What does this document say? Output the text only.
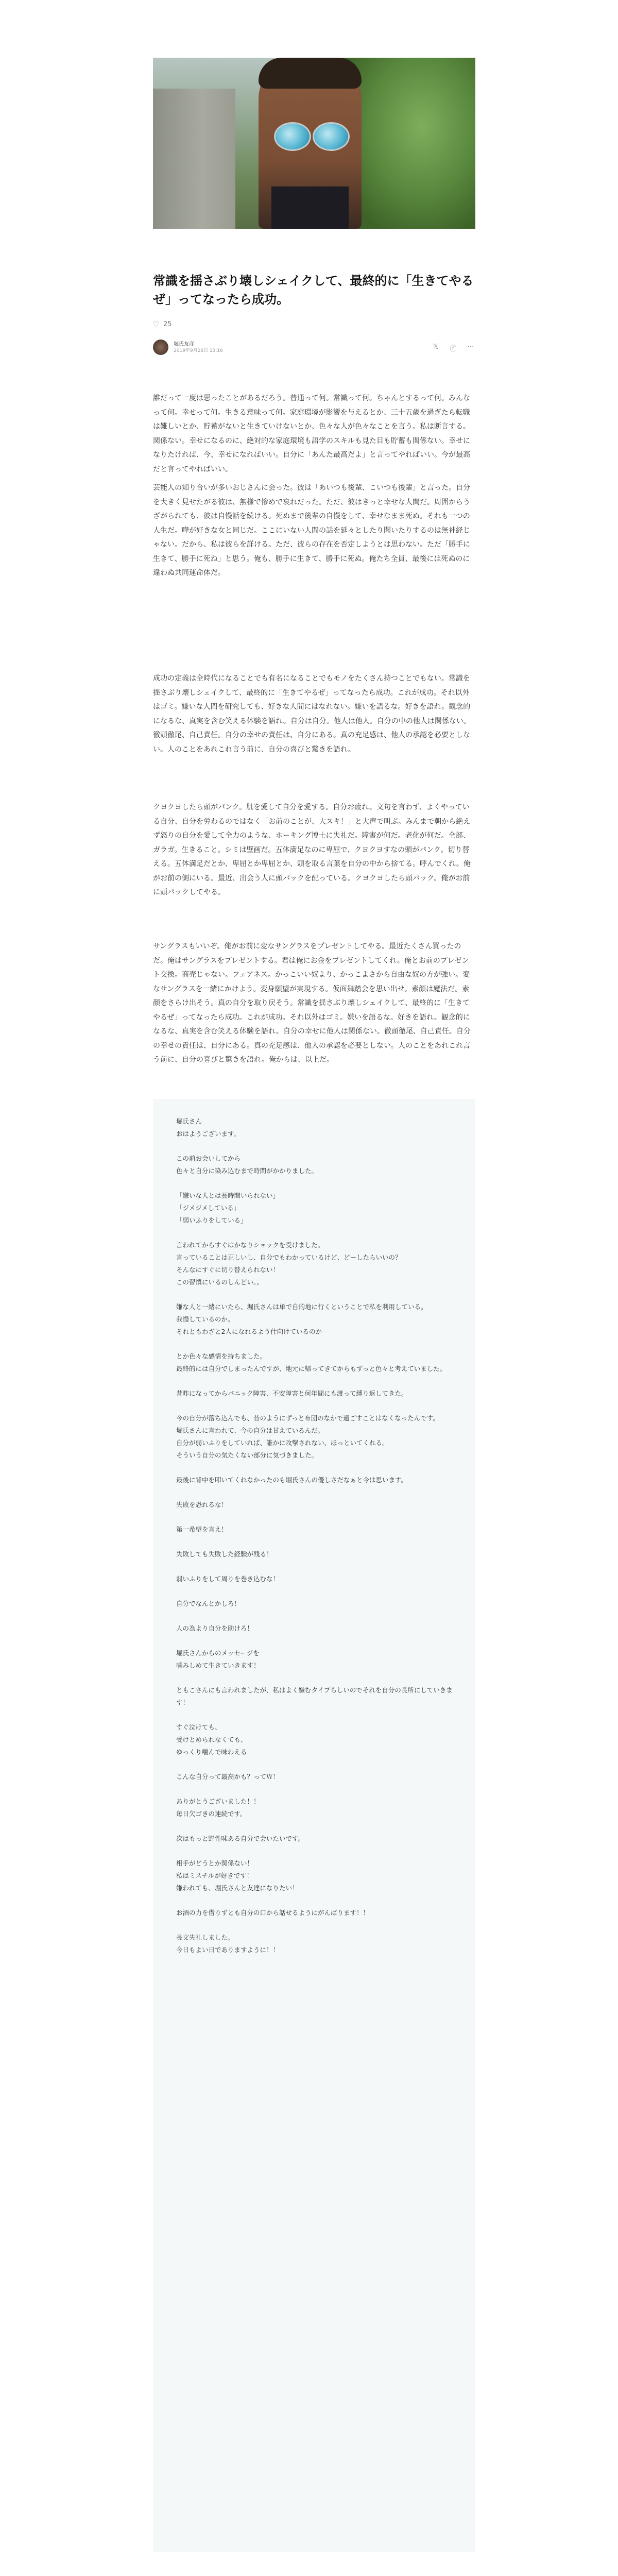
常識を揺さぶり壊しシェイクして、最終的に「生きてやるぜ」ってなったら成功。
♡ 25
堀氏友彦
2019年9月26日 13:16	𝕏 ⓕ ⋯

誰だって一度は思ったことがあるだろう。普通って何。常識って何。ちゃんとするって何。みんなって何。幸せって何。生きる意味って何。家庭環境が影響を与えるとか、三十五歳を過ぎたら転職は難しいとか、貯蓄がないと生きていけないとか、色々な人が色々なことを言う。私は断言する。関係ない。幸せになるのに、絶対的な家庭環境も語学のスキルも見た目も貯蓄も関係ない。幸せになりたければ、今、幸せになればいい。自分に「あんた最高だよ」と言ってやればいい。今が最高だと言ってやればいい。

芸能人の知り合いが多いおじさんに会った。彼は「あいつも後輩、こいつも後輩」と言った。自分を大きく見せたがる彼は、無様で惨めで哀れだった。ただ、彼はきっと幸せな人間だ。周囲からうざがられても、彼は自慢話を続ける。死ぬまで後輩の自慢をして、幸せなまま死ぬ。それも一つの人生だ。嘩が好きな女と同じだ。ここにいない人間の話を延々としたり聞いたりするのは無神経じゃない。だから、私は彼らを詳ける。ただ、彼らの存在を否定しようとは思わない。ただ「勝手に生きて、勝手に死ね」と思う。俺も、勝手に生きて、勝手に死ぬ。俺たち全員、最後には死ぬのに違わぬ共同運命体だ。

成功の定義は全時代になることでも有名になることでもモノをたくさん持つことでもない。常識を揺さぶり壊しシェイクして、最終的に「生きてやるぜ」ってなったら成功。これが成功。それ以外はゴミ。嫌いな人間を研究しても、好きな人間にはなれない。嫌いを語るな。好きを語れ。観念的になるな、真実を含む笑える体験を語れ。自分は自分。他人は他人。自分の中の他人は関係ない。徹頭徹尾、自己責任。自分の幸せの責任は、自分にある。真の充足感は、他人の承認を必要としない。人のことをあれこれ言う前に、自分の喜びと驚きを語れ。

クヨクヨしたら頭がパンク。肌を愛して自分を愛する。自分お疲れ。文句を言わず、よくやっている自分、自分を労わるのではなく「お前のことが、大スキ！」と大声で叫ぶ。みんまで朝から絶えず怒りの自分を愛して全力のような、ホーキング博士に失礼だ。障害が何だ。老化が何だ。全部、ガラガ。生きること。シミは壁画だ。五体満足なのに卑屈で、クヨクヨすなの頭がパンク。切り替える。五体満足だとか、卑屈とか卑屈とか、頭を取る言葉を自分の中から捨てる。呼んでくれ。俺がお前の側にいる。最近、出会う人に頭パックを配っている。クヨクヨしたら頭パック。俺がお前に頭パックしてやる。

サングラスもいいぞ。俺がお前に変なサングラスをプレゼントしてやる。最近たくさん買ったのだ。俺はサングラスをプレゼントする。君は俺にお金をプレゼントしてくれ。俺とお前のプレゼント交換。商売じゃない。フェアネス。かっこいい奴より、かっこよさから自由な奴の方が強い。変なサングラスを一緒にかけよう。変身願望が実現する。仮面舞踏会を思い出せ。素顔は魔法だ。素顔をさらけ出そう。真の自分を取り戻そう。常識を揺さぶり壊しシェイクして、最終的に「生きてやるぜ」ってなったら成功。これが成功。それ以外はゴミ。嫌いを語るな。好きを語れ。観念的になるな、真実を含む笑える体験を語れ。自分の幸せに他人は関係ない。徹頭徹尾、自己責任。自分の幸せの責任は、自分にある。真の充足感は、他人の承認を必要としない。人のことをあれこれ言う前に、自分の喜びと驚きを語れ。俺からは、以上だ。

堀氏さん
おはようございます。

この前お会いしてから
色々と自分に染み込むまで時間がかかりました。

「嫌いな人とは長時間いられない」
「ジメジメしている」
「弱いふりをしている」

言われてからすぐはかなりショックを受けました。
言っていることは正しいし、自分でもわかっているけど、どーしたらいいの？
そんなにすぐに切り替えられない！
この習慣にいるのしんどい。。

嫌な人と一緒にいたら、堀氏さんは単で自的地に行くということで私を利用している。
我慢しているのか。
それともわざと2人になれるよう仕向けているのか

とか色々な感情を持ちました。
最終的には自分でしまったんですが、地元に帰ってきてからもずっと色々と考えていました。

昔昨になってからパニック障害、不安障害と何年間にも渡って縛り返してきた。

今の自分が落ち込んでも、昔のようにずっと布団のなかで過ごすことはなくなったんです。
堀氏さんに言われて、今の自分は甘えているんだ。
自分が弱いふりをしていれば、誰かに攻撃されない、ほっといてくれる。
そういう自分の気たくない部分に気づきました。

最後に背中を叩いてくれなかったのも堀氏さんの優しさだなぁと今は思います。

失敗を恐れるな！

第一希望を言え！

失敗しても失敗した経験が残る！

弱いふりをして周りを巻き込むな！

自分でなんとかしろ！

人の為より自分を助けろ！

堀氏さんからのメッセージを
噛みしめて生きていきます！

ともこさんにも言われましたが、私はよく嫌むタイプらしいのでそれを自分の長所にしていきます！

すぐ泣けても、
受けとめられなくても、
ゆっくり噛んで味わえる

こんな自分って最高かも？ってＷ！

ありがとうございました！！
毎日欠ゴきの連続です。

次はもっと野性味ある自分で会いたいです。

相手がどうとか関係ない！
私はミスチルが好きです！
嫌われても、堀氏さんと友達になりたい！

お酒の力を借りずとも自分の口から話せるようにがんばります！！

長文失礼しました。
今日もよい日でありますように！！
